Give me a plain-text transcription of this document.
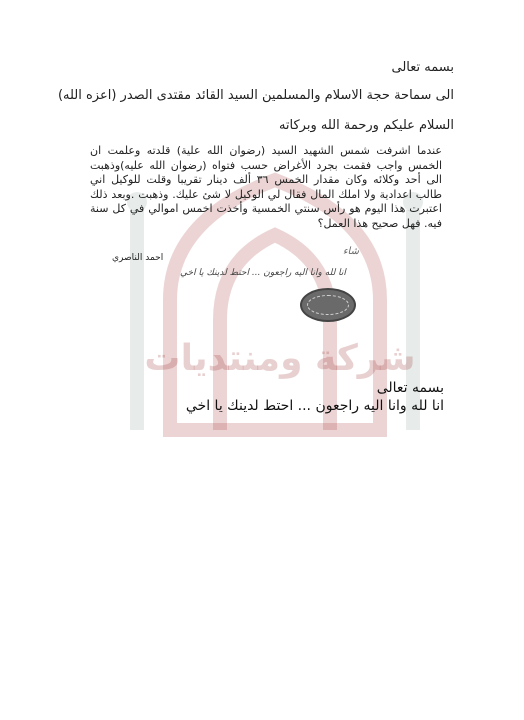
شركة ومنتديات
بسمه تعالى
الى سماحة حجة الاسلام والمسلمين السيد القائد مقتدى الصدر (اعزه الله)
السلام عليكم ورحمة الله وبركاته
عندما اشرفت شمس الشهيد السيد (رضوان الله علية) قلدته وعلمت ان الخمس واجب فقمت بجرد الأغراض حسب فتواه (رضوان الله عليه)وذهبت الى أحد وكلائه وكان مقدار الخمس ٣٦ ألف دينار تقريبا وقلت للوكيل اني طالب اعدادية ولا املك المال فقال لي الوكيل لا شئ عليك. وذهبت .وبعد ذلك اعتبرت هذا اليوم هو رأس سنتي الخمسية وأخذت اخمس اموالي في كل سنة فيه. فهل صحيح هذا العمل؟
شاء
احمد الناصري
انا لله وانا اليه راجعون ... احتط لدينك يا اخي
بسمه تعالى
انا لله وانا اليه راجعون ... احتط لدينك يا اخي
